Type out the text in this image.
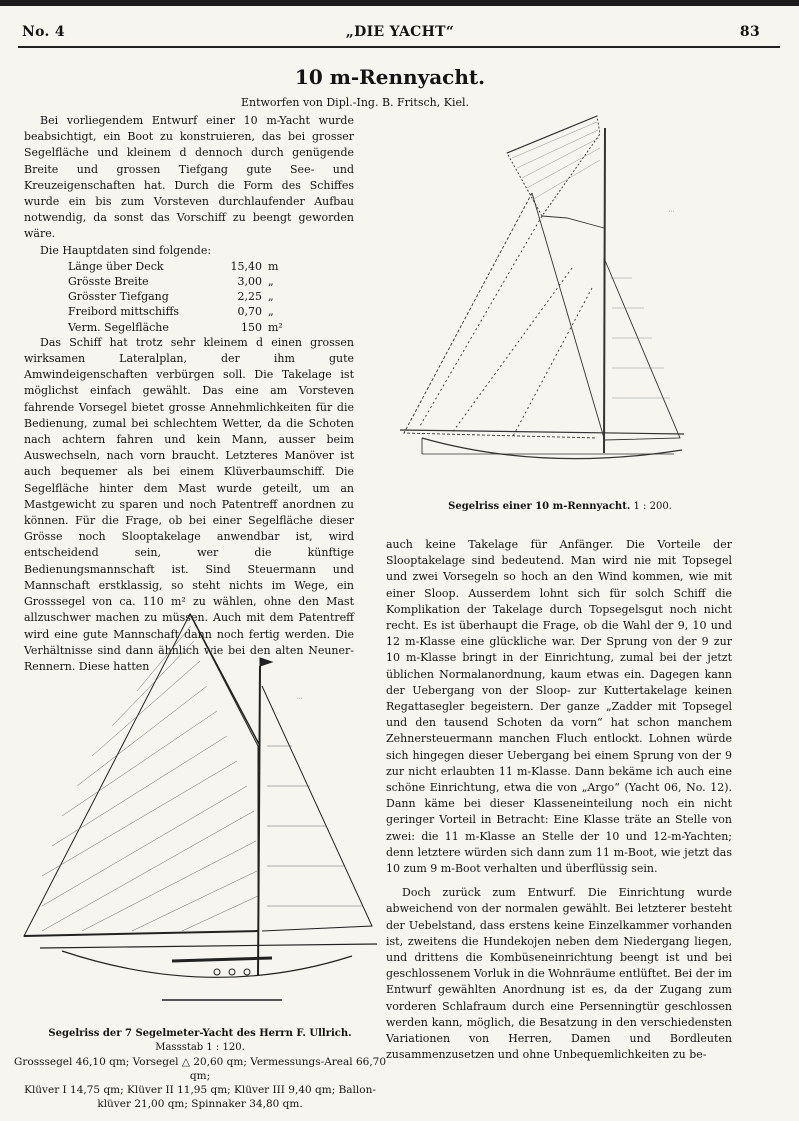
No. 4	„DIE YACHT“	83
10 m-Rennyacht.
Entworfen von Dipl.-Ing. B. Fritsch, Kiel.

Bei vorliegendem Entwurf einer 10 m-Yacht wurde beabsichtigt, ein Boot zu konstruieren, das bei grosser Segelfläche und kleinem d dennoch durch genügende Breite und grossen Tiefgang gute See- und Kreuzeigenschaften hat. Durch die Form des Schiffes wurde ein bis zum Vorsteven durchlaufender Aufbau notwendig, da sonst das Vorschiff zu beengt geworden wäre.

Die Hauptdaten sind folgende:

Länge über Deck	15,40	m
Grösste Breite	3,00	„
Grösster Tiefgang	2,25	„
Freibord mittschiffs	0,70	„
Verm. Segelfläche	150	m²

Das Schiff hat trotz sehr kleinem d einen grossen wirksamen Lateralplan, der ihm gute Amwindeigenschaften verbürgen soll. Die Takelage ist möglichst einfach gewählt. Das eine am Vorsteven fahrende Vorsegel bietet grosse Annehmlichkeiten für die Bedienung, zumal bei schlechtem Wetter, da die Schoten nach achtern fahren und kein Mann, ausser beim Auswechseln, nach vorn braucht. Letzteres Manöver ist auch bequemer als bei einem Klüverbaumschiff. Die Segelfläche hinter dem Mast wurde geteilt, um an Mastgewicht zu sparen und noch Patentreff anordnen zu können. Für die Frage, ob bei einer Segelfläche dieser Grösse noch Slooptakelage anwendbar ist, wird entscheidend sein, wer die künftige Bedienungsmannschaft ist. Sind Steuermann und Mannschaft erstklassig, so steht nichts im Wege, ein Grosssegel von ca. 110 m² zu wählen, ohne den Mast allzuschwer machen zu müssen. Auch mit dem Patentreff wird eine gute Mannschaft dann noch fertig werden. Die Verhältnisse sind dann ähnlich wie bei den alten Neuner-Rennern. Diese hatten

⋯
Segelriss einer 10 m-Rennyacht. 1 : 200.

auch keine Takelage für Anfänger. Die Vorteile der Slooptakelage sind bedeutend. Man wird nie mit Topsegel und zwei Vorsegeln so hoch an den Wind kommen, wie mit einer Sloop. Ausserdem lohnt sich für solch Schiff die Komplikation der Takelage durch Topsegelsgut noch nicht recht. Es ist überhaupt die Frage, ob die Wahl der 9, 10 und 12 m-Klasse eine glückliche war. Der Sprung von der 9 zur 10 m-Klasse bringt in der Einrichtung, zumal bei der jetzt üblichen Normalanordnung, kaum etwas ein. Dagegen kann der Uebergang von der Sloop- zur Kuttertakelage keinen Regattasegler begeistern. Der ganze „Zadder mit Topsegel und den tausend Schoten da vorn“ hat schon manchem Zehnersteuermann manchen Fluch entlockt. Lohnen würde sich hingegen dieser Uebergang bei einem Sprung von der 9 zur nicht erlaubten 11 m-Klasse. Dann bekäme ich auch eine schöne Einrichtung, etwa die von „Argo“ (Yacht 06, No. 12). Dann käme bei dieser Klasseneinteilung noch ein nicht geringer Vorteil in Betracht: Eine Klasse träte an Stelle von zwei: die 11 m-Klasse an Stelle der 10 und 12-m-Yachten; denn letztere würden sich dann zum 11 m-Boot, wie jetzt das 10 zum 9 m-Boot verhalten und überflüssig sein.

Doch zurück zum Entwurf. Die Einrichtung wurde abweichend von der normalen gewählt. Bei letzterer besteht der Uebelstand, dass erstens keine Einzelkammer vorhanden ist, zweitens die Hundekojen neben dem Niedergang liegen, und drittens die Kombüseneinrichtung beengt ist und bei geschlossenem Vorluk in die Wohnräume entlüftet. Bei der im Entwurf gewählten Anordnung ist es, da der Zugang zum vorderen Schlafraum durch eine Persenningtür geschlossen werden kann, möglich, die Besatzung in den verschiedensten Variationen von Herren, Damen und Bordleuten zusammenzusetzen und ohne Unbequemlichkeiten zu be-

⋯
Segelriss der 7 Segelmeter-Yacht des Herrn F. Ullrich.
Massstab 1 : 120.
Grosssegel 46,10 qm; Vorsegel △ 20,60 qm; Vermessungs-Areal 66,70 qm;
Klüver I 14,75 qm; Klüver II 11,95 qm; Klüver III 9,40 qm; Ballon-
klüver 21,00 qm; Spinnaker 34,80 qm.
